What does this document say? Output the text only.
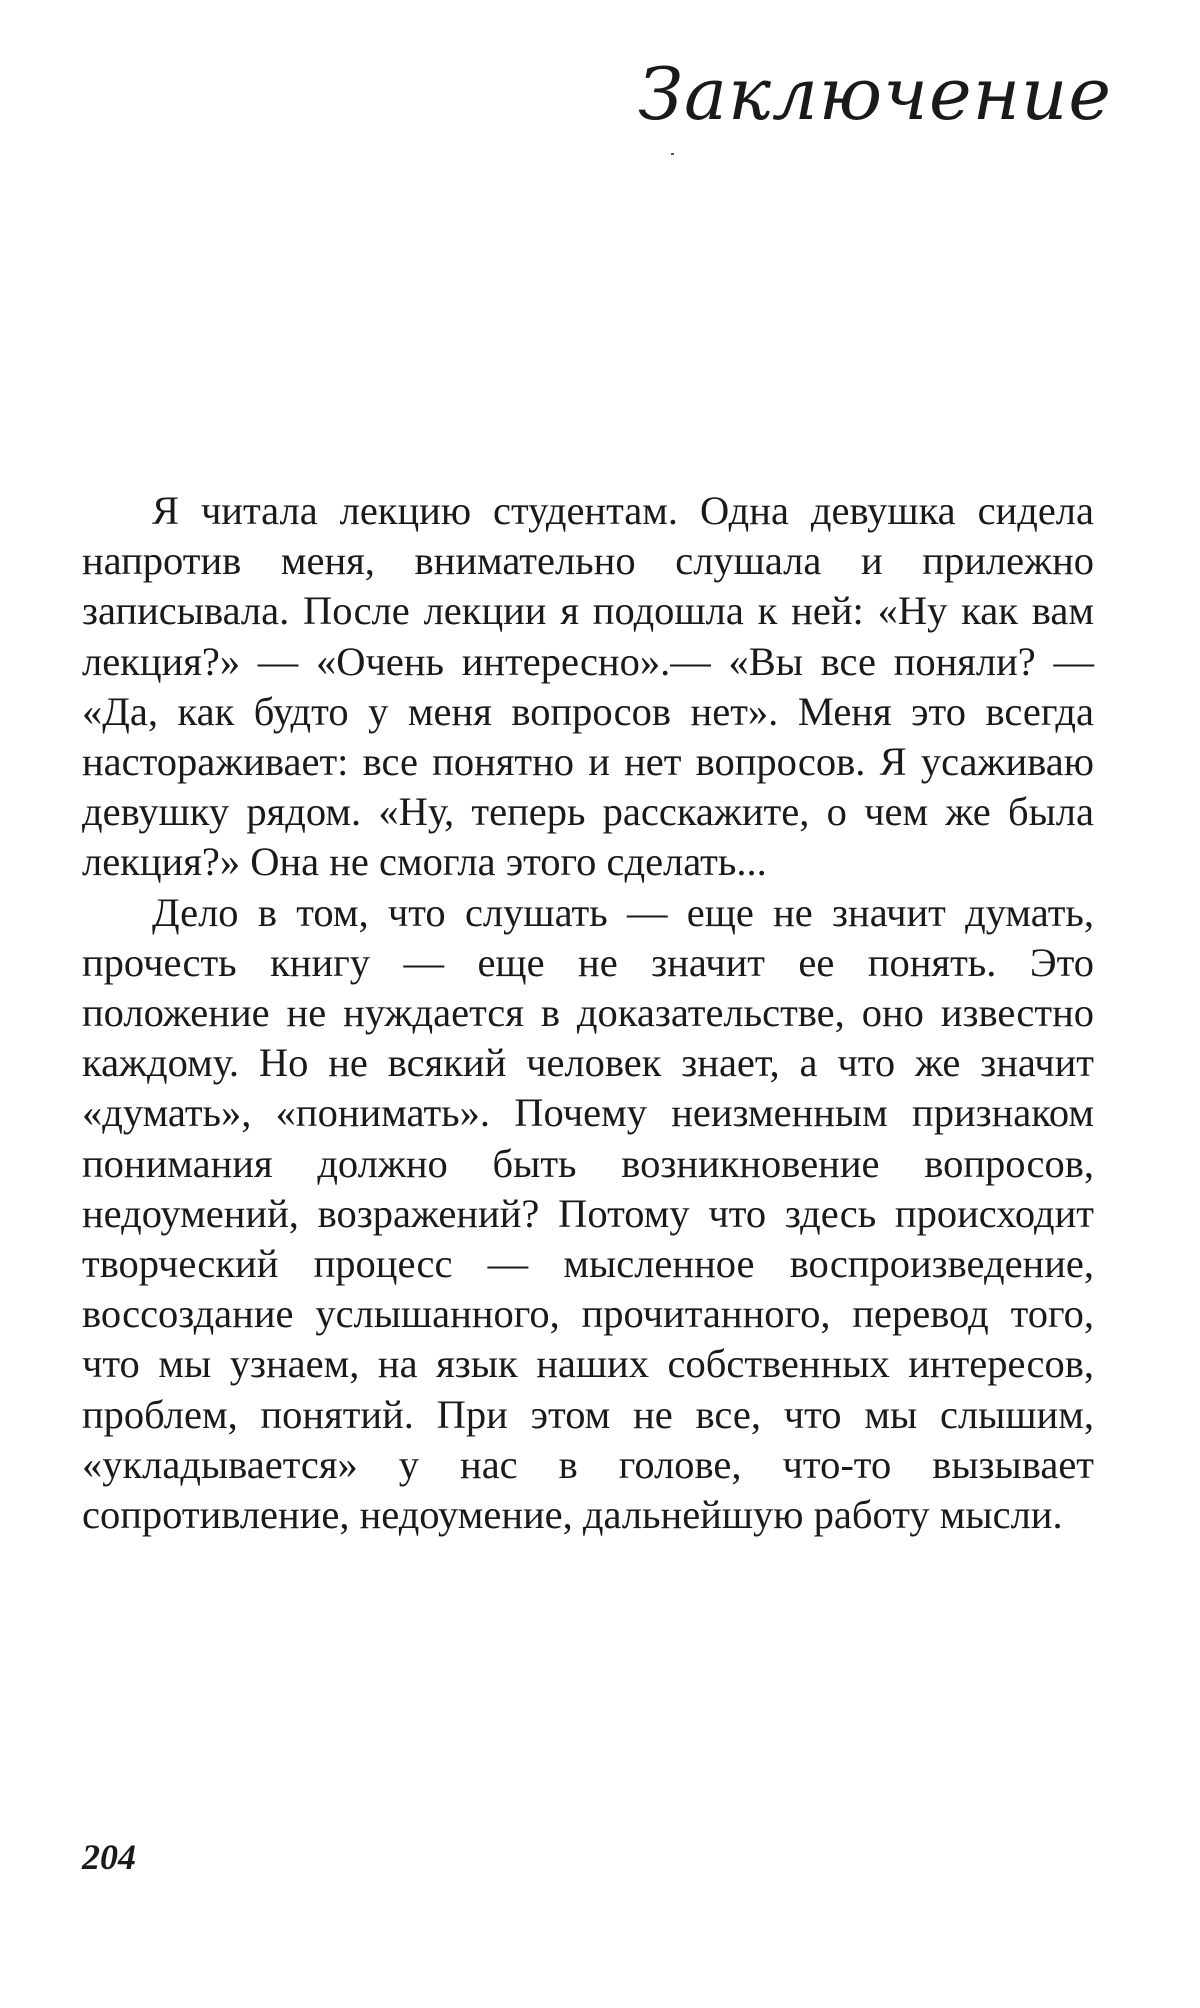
Заключение

Я читала лекцию студентам. Одна девушка сидела напротив меня, внимательно слушала и прилежно записывала. После лекции я подошла к ней: «Ну как вам лекция?» — «Очень интересно».— «Вы все поняли? — «Да, как будто у меня вопросов нет». Меня это всегда настораживает: все понятно и нет вопросов. Я усаживаю девушку рядом. «Ну, теперь расскажите, о чем же была лекция?» Она не смогла этого сделать...

Дело в том, что слушать — еще не значит думать, прочесть книгу — еще не значит ее понять. Это положение не нуждается в доказательстве, оно известно каждому. Но не всякий человек знает, а что же значит «думать», «понимать». Почему неизменным признаком понимания должно быть возникновение вопросов, недоумений, возражений? Потому что здесь происходит творческий процесс — мысленное воспроизведение, воссоздание услышанного, прочитанного, перевод того, что мы узнаем, на язык наших собственных интересов, проблем, понятий. При этом не все, что мы слышим, «укладывается» у нас в голове, что-то вызывает сопротивление, недоумение, дальнейшую работу мысли.

204
